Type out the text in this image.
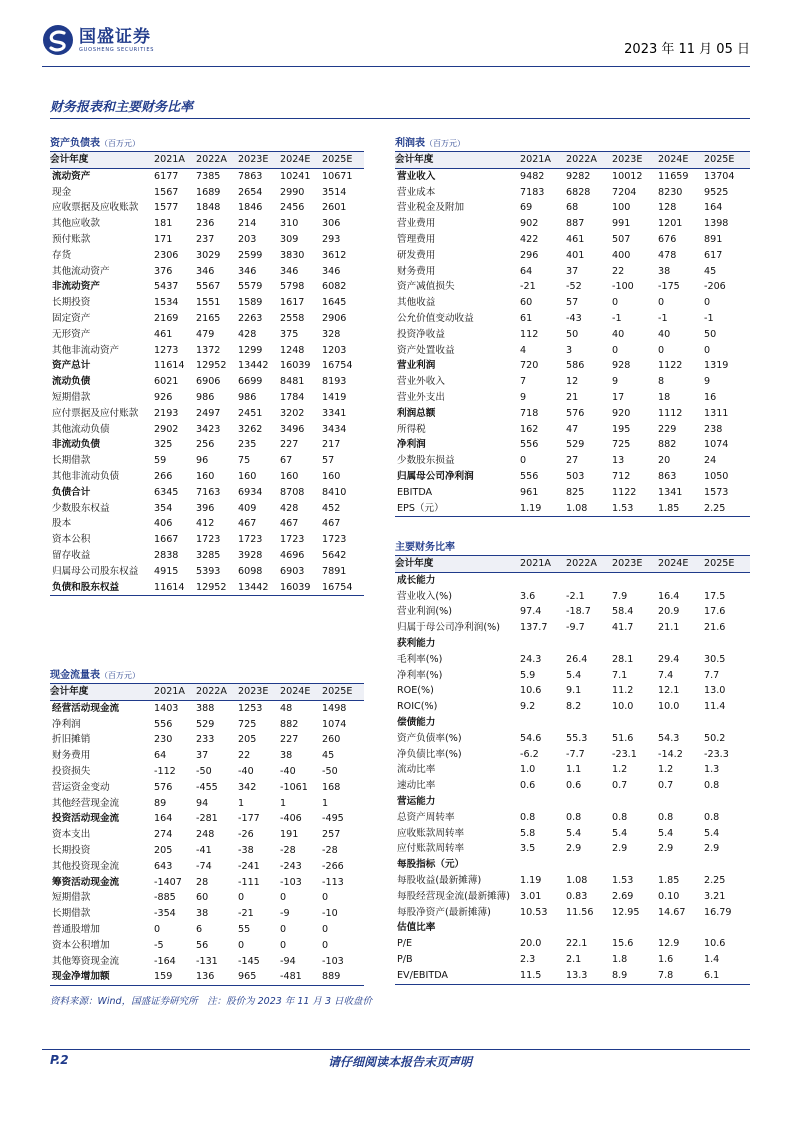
国盛证券
GUOSHENG SECURITIES	2023 年 11 月 05 日
财务报表和主要财务比率
资产负债表（百万元）
会计年度	2021A	2022A	2023E	2024E	2025E
流动资产	6177	7385	7863	10241	10671
现金	1567	1689	2654	2990	3514
应收票据及应收账款	1577	1848	1846	2456	2601
其他应收款	181	236	214	310	306
预付账款	171	237	203	309	293
存货	2306	3029	2599	3830	3612
其他流动资产	376	346	346	346	346
非流动资产	5437	5567	5579	5798	6082
长期投资	1534	1551	1589	1617	1645
固定资产	2169	2165	2263	2558	2906
无形资产	461	479	428	375	328
其他非流动资产	1273	1372	1299	1248	1203
资产总计	11614	12952	13442	16039	16754
流动负债	6021	6906	6699	8481	8193
短期借款	926	986	986	1784	1419
应付票据及应付账款	2193	2497	2451	3202	3341
其他流动负债	2902	3423	3262	3496	3434
非流动负债	325	256	235	227	217
长期借款	59	96	75	67	57
其他非流动负债	266	160	160	160	160
负债合计	6345	7163	6934	8708	8410
少数股东权益	354	396	409	428	452
股本	406	412	467	467	467
资本公积	1667	1723	1723	1723	1723
留存收益	2838	3285	3928	4696	5642
归属母公司股东权益	4915	5393	6098	6903	7891
负债和股东权益	11614	12952	13442	16039	16754
现金流量表（百万元）
会计年度	2021A	2022A	2023E	2024E	2025E
经营活动现金流	1403	388	1253	48	1498
净利润	556	529	725	882	1074
折旧摊销	230	233	205	227	260
财务费用	64	37	22	38	45
投资损失	-112	-50	-40	-40	-50
营运资金变动	576	-455	342	-1061	168
其他经营现金流	89	94	1	1	1
投资活动现金流	164	-281	-177	-406	-495
资本支出	274	248	-26	191	257
长期投资	205	-41	-38	-28	-28
其他投资现金流	643	-74	-241	-243	-266
筹资活动现金流	-1407	28	-111	-103	-113
短期借款	-885	60	0	0	0
长期借款	-354	38	-21	-9	-10
普通股增加	0	6	55	0	0
资本公积增加	-5	56	0	0	0
其他筹资现金流	-164	-131	-145	-94	-103
现金净增加额	159	136	965	-481	889
利润表（百万元）
会计年度	2021A	2022A	2023E	2024E	2025E
营业收入	9482	9282	10012	11659	13704
营业成本	7183	6828	7204	8230	9525
营业税金及附加	69	68	100	128	164
营业费用	902	887	991	1201	1398
管理费用	422	461	507	676	891
研发费用	296	401	400	478	617
财务费用	64	37	22	38	45
资产减值损失	-21	-52	-100	-175	-206
其他收益	60	57	0	0	0
公允价值变动收益	61	-43	-1	-1	-1
投资净收益	112	50	40	40	50
资产处置收益	4	3	0	0	0
营业利润	720	586	928	1122	1319
营业外收入	7	12	9	8	9
营业外支出	9	21	17	18	16
利润总额	718	576	920	1112	1311
所得税	162	47	195	229	238
净利润	556	529	725	882	1074
少数股东损益	0	27	13	20	24
归属母公司净利润	556	503	712	863	1050
EBITDA	961	825	1122	1341	1573
EPS（元）	1.19	1.08	1.53	1.85	2.25
主要财务比率
会计年度	2021A	2022A	2023E	2024E	2025E
成长能力					
营业收入(%)	3.6	-2.1	7.9	16.4	17.5
营业利润(%)	97.4	-18.7	58.4	20.9	17.6
归属于母公司净利润(%)	137.7	-9.7	41.7	21.1	21.6
获利能力					
毛利率(%)	24.3	26.4	28.1	29.4	30.5
净利率(%)	5.9	5.4	7.1	7.4	7.7
ROE(%)	10.6	9.1	11.2	12.1	13.0
ROIC(%)	9.2	8.2	10.0	10.0	11.4
偿债能力					
资产负债率(%)	54.6	55.3	51.6	54.3	50.2
净负债比率(%)	-6.2	-7.7	-23.1	-14.2	-23.3
流动比率	1.0	1.1	1.2	1.2	1.3
速动比率	0.6	0.6	0.7	0.7	0.8
营运能力					
总资产周转率	0.8	0.8	0.8	0.8	0.8
应收账款周转率	5.8	5.4	5.4	5.4	5.4
应付账款周转率	3.5	2.9	2.9	2.9	2.9
每股指标（元）					
每股收益(最新摊薄)	1.19	1.08	1.53	1.85	2.25
每股经营现金流(最新摊薄)	3.01	0.83	2.69	0.10	3.21
每股净资产(最新摊薄)	10.53	11.56	12.95	14.67	16.79
估值比率					
P/E	20.0	22.1	15.6	12.9	10.6
P/B	2.3	2.1	1.8	1.6	1.4
EV/EBITDA	11.5	13.3	8.9	7.8	6.1
资料来源：Wind，国盛证券研究所　注：股价为 2023 年 11 月 3 日收盘价
P.2	请仔细阅读本报告末页声明
